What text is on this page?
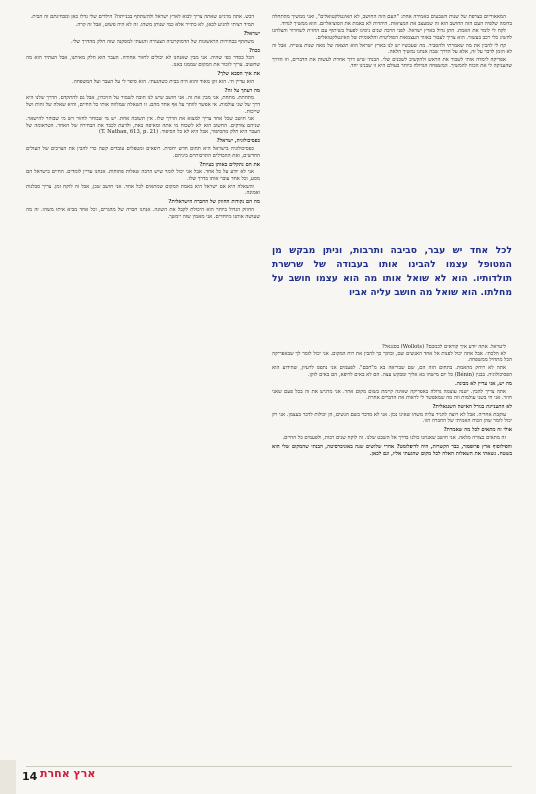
דבש. אתה מרגיש שאתה צריך לבוא לארץ ישראל ולהשתתף בבנייתה? הילדים שלי גדלו כאן ומבחינתם זה הבית.

תמיד רציתי להגיע לכאן, לא כתייר אלא כמי שנותן משהו. זה לא היה פשוט, אבל זה קרה.

ישראל?

משתתף בבחירות הראשונות של הדמוקרטיה הצעירה והגעתי למסקנה שזה חלק מהדרך שלי.

ככה?

הכל בסדר כפי שהיה. אני מבין שאנחנו לא יכולים לחזור אחורה. העבר הוא חלק מאיתנו, אבל העתיד הוא מה שחשוב. צריך לזכור את המקום שממנו באנו.

את איך הסבא שלך?

הוא עדיין חי. הוא זקן מאוד והוא היה בבית כשהגעתי. הוא סיפר לי על העבר ועל המשפחה.

מה דעתך על זה?

מתחתת. מתחת, אני מבין את זה. אני חושב שיש לנו חובה לשמור על הזיכרון, אבל גם להתקדם. הדרך שלנו היא דרך של שני עולמות. אי אפשר לוותר על אף אחד מהם. זו השאלה שמלווה אותי כל החיים, והיא שאלה של זהות ושל שייכות.

אני חושב שכל אחד צריך למצוא את הדרך שלו. אין תשובה אחת. יש מי שבוחר לחזור ויש מי שבוחר להישאר. שניהם צודקים. החשוב הוא לא לשכוח מי אתה ומאיפה באת, ולדעת לכבד את הבחירה של האחר. הטראומה של העבר היא חלק מהסיפור, אבל היא לא כל הסיפור. (T. Nathan, 613, p. 21)

כפסיכולוגיה, ישראל?

כפסיכולוגיה בישראל היא תחום חדש יחסית. רופאים ומטפלים עובדים קשה כדי להבין את הצרכים של העולים החדשים, ואת ההבדלים התרבותיים ביניהם.

את הם נתקלים באותן בעיות?

אני לא יודע על כל אחד. אבל אני יכול לומר שיש הרבה שאלות פתוחות. אנחנו עדיין לומדים. החיים בישראל הם מסע, וכל אחד עובר אותו בדרך שלו.

והשאלה היא אם ישראל היא באמת המקום שמתאים לכל אחד. אני חושב שכן, אבל זה לוקח זמן. צריך סבלנות ואמונה.

מה הם נקודות החוזק של החברה הישראלית?

החוזק הגדול ביותר הוא היכולת לקבל את השונה. אנחנו חברה של מהגרים, וכל אחד מביא איתו משהו. זה מה שעושה אותנו מיוחדים. אני מאמין שזה יימשך.

המאאוריום בצרפת של שנות השבעים באמירה אחת: "העם הזה החושב, לא האינטלקטואלים", ואני ממשיך מהתחלה בדומה שלפיה העם הזה החושב הוא זה שמעצב את המציאות. היהדות לא באמת את הסוציאליזם. הוא ממשיך לנדוד.

לקח לי לומר את האמת. חתן גדול בארץ ישראל. לפני הרבה שנים ניסינו לפעול בשיתוף עם החזית לשחרור והצלחנו להשיג כלי רכב בעשור. הוא צריך לעבור באזור העצמאות הפוליטית והלאומית של האינטלקטואלים.

קח לי להבין את מה שאמרתי ולהסביר. מה שעכשיו יש לנו בארץ ישראל הוא תוצאה של מאה שנות עשייה. אבל זה לא הזמן לדבר על זה, אלא על הדרך שבה אנחנו נמשיך הלאה.

אפריקה לימדה אותי לשבור את הראש ולהקשיב לשכנים שלי. הבנתי שיש דרך אחרת לעשות את הדברים, וזו הדרך שהעניקה לי את הכוח להמשיך. המשפחה הגדולה ביותר בעולם היא זו שבנינו יחד.

ליטראל. אתה יודע איך קוראים לכמכם? (Wollots) בסנגאל?

לא הלכתי. אבל אתה יכול לפנות אל אחד האנשים שם, ובתוך כך להבין את רוח המקום. אני יכול לומר לך שבאפריקה הכל מתחיל ממשפחה.

אתה לא רוחק מהאמת. בתחום הזה הם, שם שבריאה בא מ"חכם". לפעמים אני נתפס לרעיון, שהידוע הוא הפסיכולוגיה. בבנין (Bénin) כל יום מישהו בא אליך ומבקש עצה. הם לא באים לרופא, הם באים לזקן.

מה יש, אני עדיין לא מבינה.

אתה צריך להבין. ישנה עוצמה גדולה באפריקה שאינה קיימת בשום מקום אחר. אני מרגיש את זה בכל פעם שאני חוזר. אני חי בשני עולמות וזה מה שמאפשר לי לראות את הדברים אחרת.

לא התעניינת בגורל האישה השנגאלית?

עוקבת אחריה. אבל לא רוצה להגיד עליה משהו שאינו נכון. אני לא מדבר בשם הנשים, הן יכולות לדבר בעצמן. אני רק יכול לומר שהן הכוח האמיתי של החברה הזו.

אולי זה מתאים לכל מה שאמרת?

זה מתאים בצורה מלאה. אני חושב שאנחנו כולנו בדרך אל השבט שלנו. זה לוקח שנים רבות, ולפעמים כל החיים.

והפילוסוף ארץ פרופסור, כבר הקשרות, היה לדיפלומט? אחרי שלושים שנה באוניברסיטה, הבנתי שהמקום שלי הוא בשטח. נשאתי את השאלות האלה לכל מקום שהגעתי אליו, וגם לכאן.

לכל אחד יש עבר, סביבה ותרבות, וניתן מבקש מן המטופל עצמו להבינו אותו בעבודה של שרשרת תולדותיו. הוא לא שואל אותו מה הוא עצמו חושב על מחלתו. הוא שואל מה חושב עליה אביו
14 ארץ אחרת
